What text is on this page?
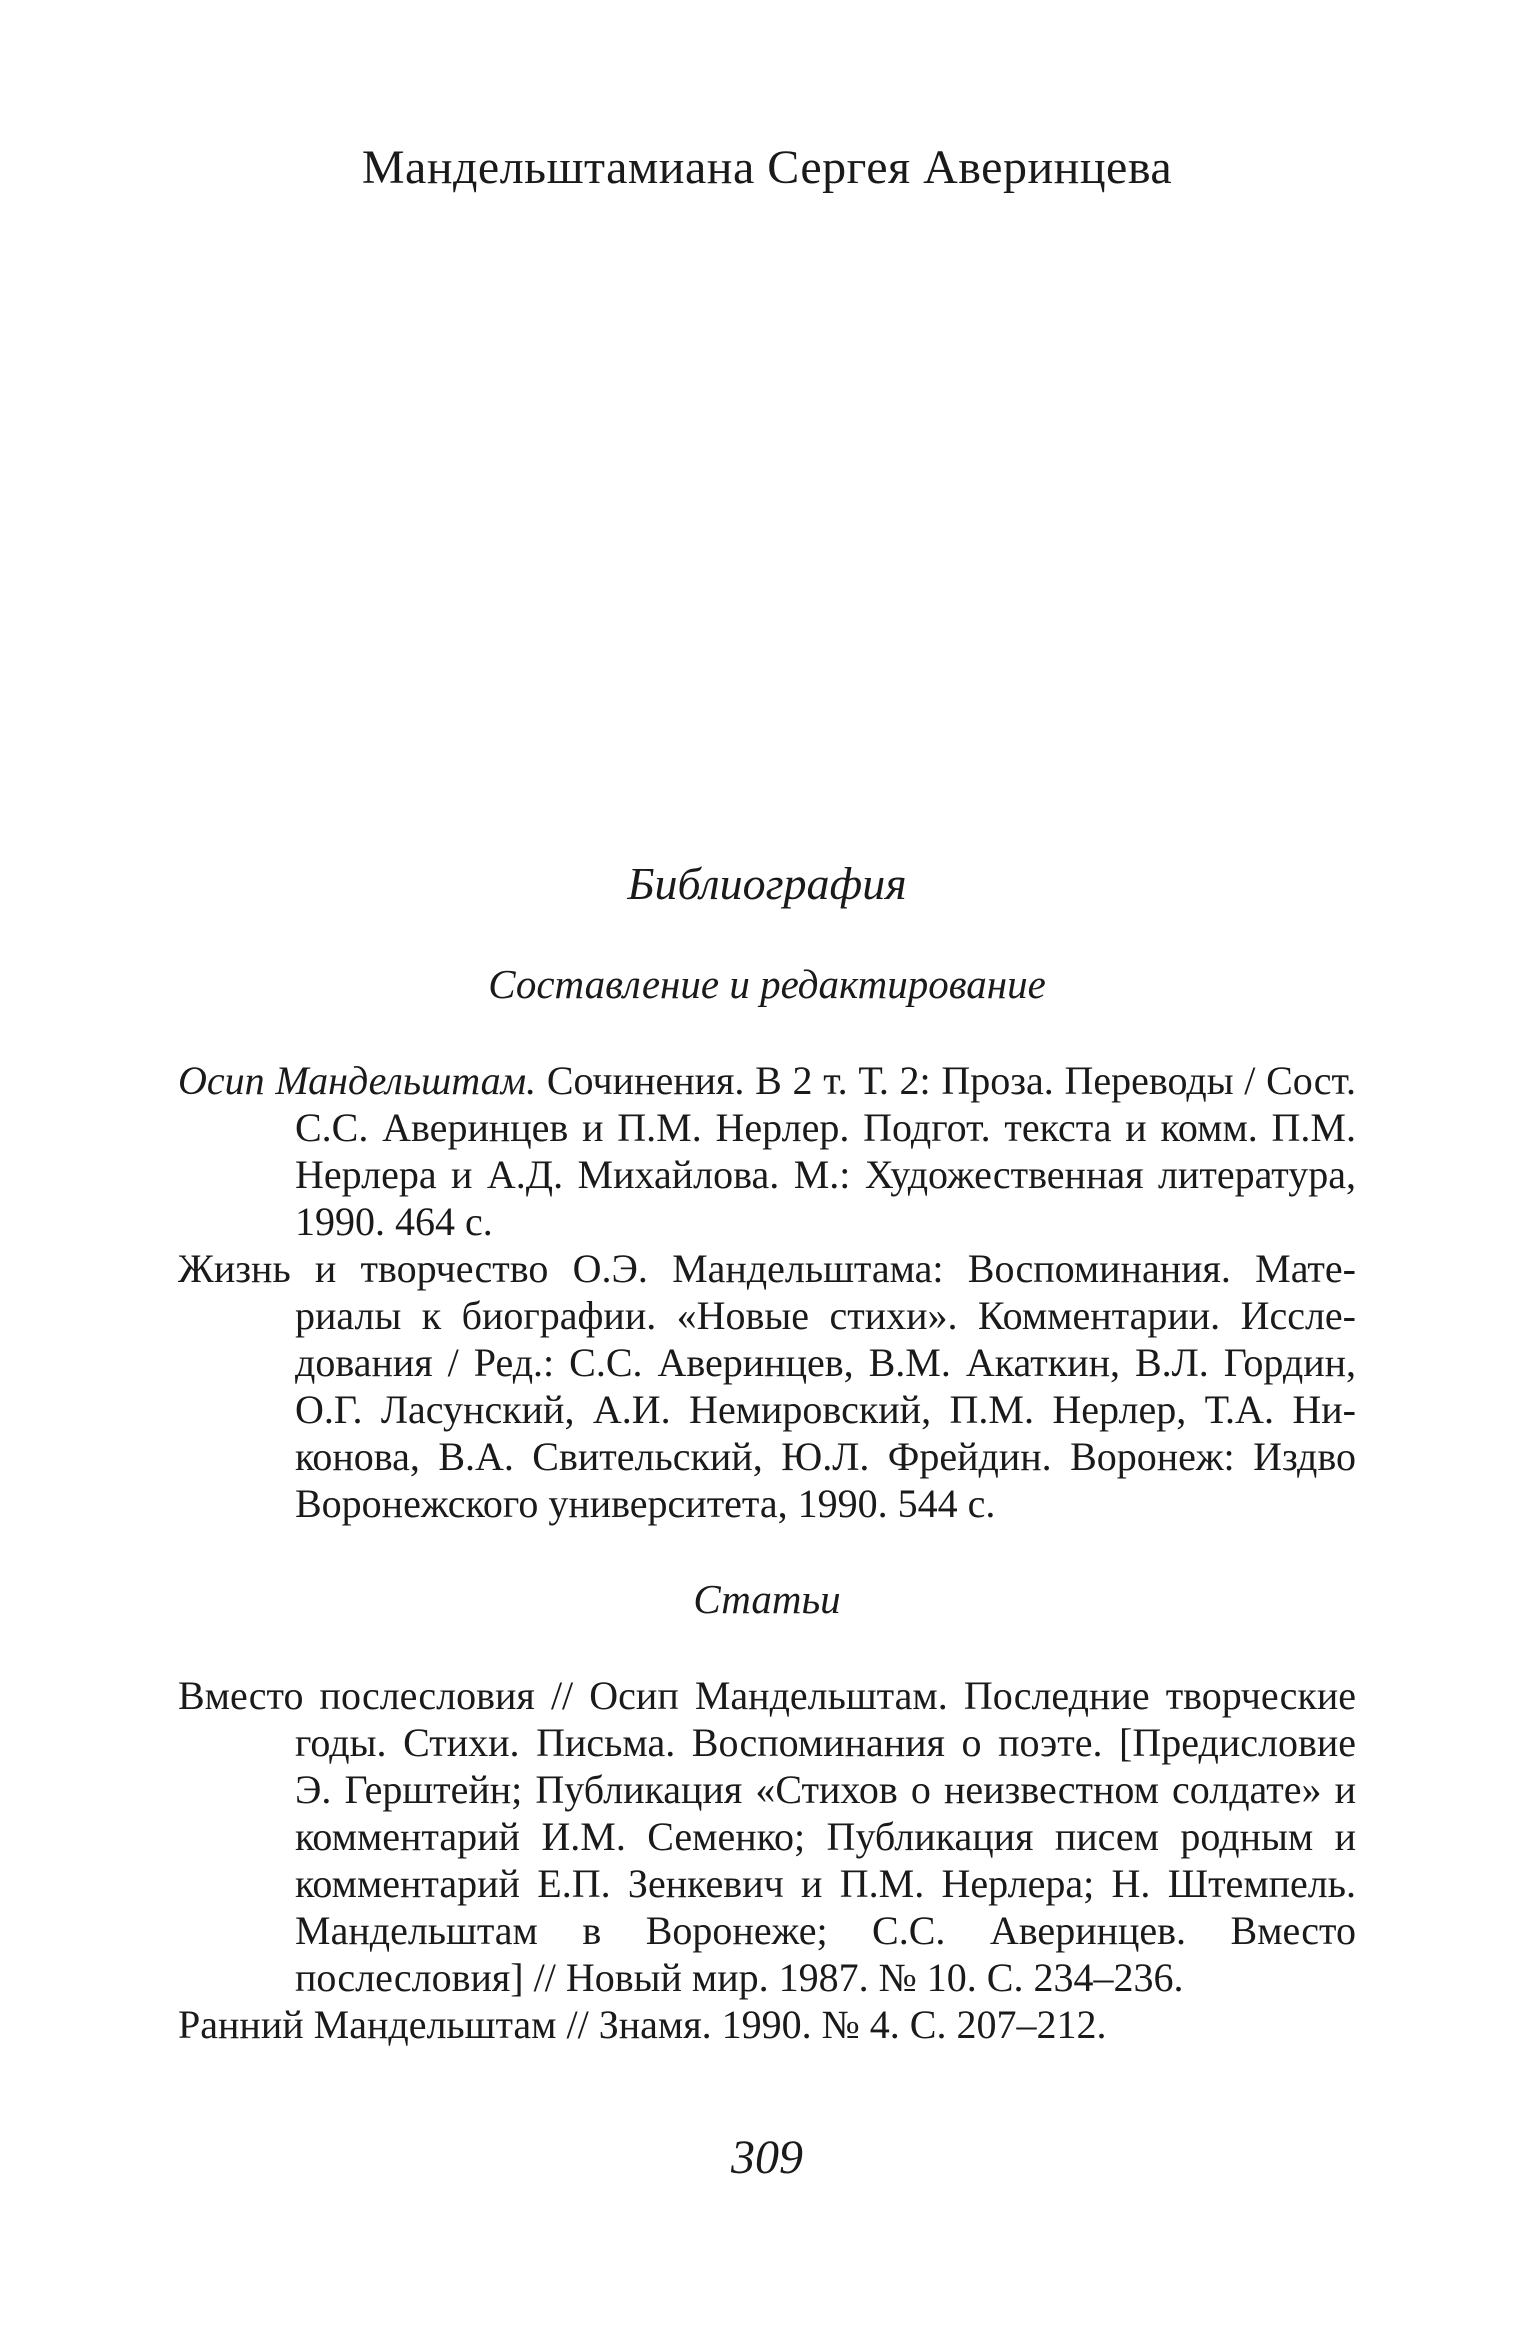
Мандельштамиана Сергея Аверинцева
Библиография
Составление и редактирование
Осип Мандельштам. Сочинения. В 2 т. Т. 2: Проза. Переводы / Сост. С.С. Аверинцев и П.М. Нерлер. Подгот. текста и комм. П.М. Нерлера и А.Д. Михайлова. М.: Художественная литература, 1990. 464 с.
Жизнь и творчество О.Э. Мандельштама: Воспоминания. Материалы к биографии. «Новые стихи». Комментарии. Исследования / Ред.: С.С. Аверинцев, В.М. Акаткин, В.Л. Гордин, О.Г. Ласунский, А.И. Немировский, П.М. Нерлер, Т.А. Никонова, В.А. Свительский, Ю.Л. Фрейдин. Воронеж: Издво Воронежского университета, 1990. 544 с.
Статьи
Вместо послесловия // Осип Мандельштам. Последние творческие годы. Стихи. Письма. Воспоминания о поэте. [Предисловие Э. Герштейн; Публикация «Стихов о неизвестном солдате» и комментарий И.М. Семенко; Публикация писем родным и комментарий Е.П. Зенкевич и П.М. Нерлера; Н. Штемпель. Мандельштам в Воронеже; С.С. Аверинцев. Вместо послесловия] // Новый мир. 1987. № 10. С. 234–236.
Ранний Мандельштам // Знамя. 1990. № 4. С. 207–212.
309
